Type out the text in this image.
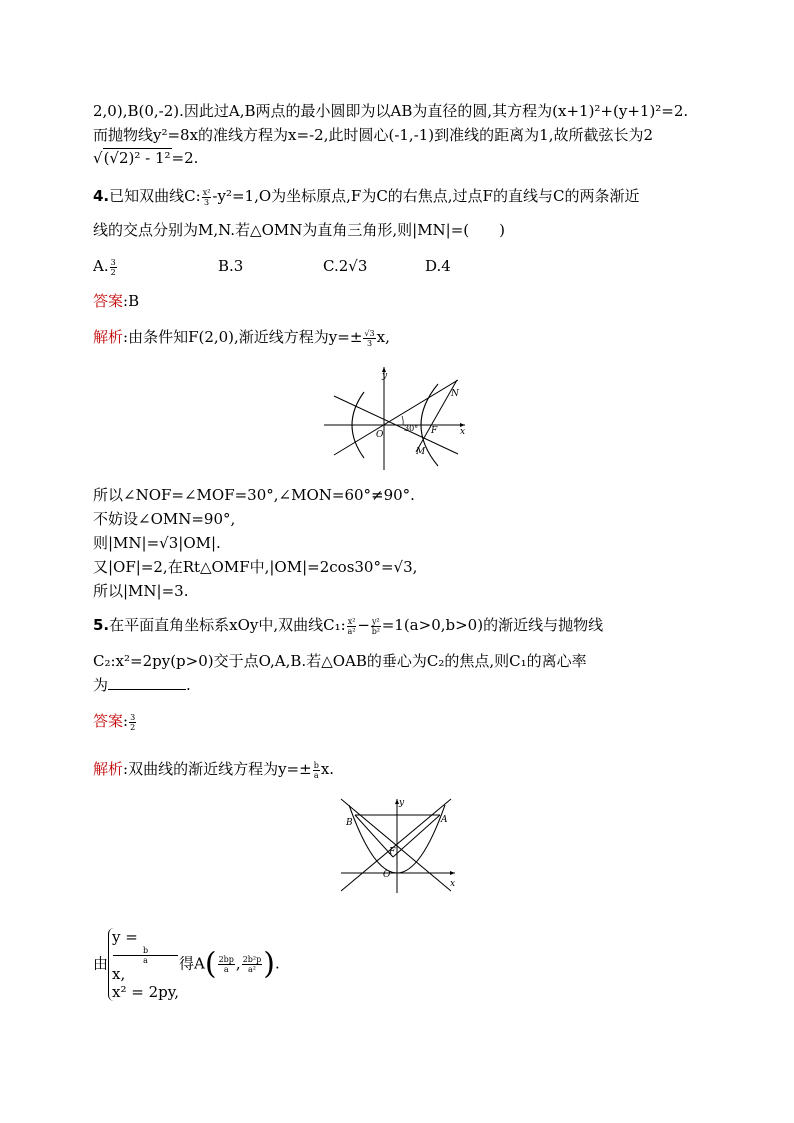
2,0),B(0,-2).因此过A,B两点的最小圆即为以AB为直径的圆,其方程为(x+1)²+(y+1)²=2.
而抛物线y²=8x的准线方程为x=-2,此时圆心(-1,-1)到准线的距离为1,故所截弦长为2
√(√2)² - 1²=2.
4.已知双曲线C: $\frac{\text{x²}}{3} -y^2=1,O$为坐标原点,F为C的右焦点,过点F的直线与C的两条渐近
线的交点分别为M,N.若△OMN为直角三角形,则|MN|=(　　)
A. $\frac{3}{2}$	B.3	C.2√3	D.4
答案:B
解析:由条件知F(2,0),渐近线方程为$y=\pm \frac{√3}{3} x$,
y
x
O	F
N
M
30°
所以∠NOF=∠MOF=30°,∠MON=60°≠90°.
不妨设∠OMN=90°,
则|MN|=√3|OM|.
又|OF|=2,在Rt△OMF中,|OM|=2cos30°=√3,
所以|MN|=3.
5.在平面直角坐标系xOy中,双曲线C₁: $\frac{\text{x²}}{\text{a²}} - \frac{\text{y²}}{\text{b²}} =1(a>0,b>0)$的渐近线与抛物线
C₂:x²=2py(p>0)交于点O,A,B.若△OAB的垂心为C₂的焦点,则C₁的离心率
为	.
答案: $\frac{3}{2}$
解析:双曲线的渐近线方程为$y=\pm \frac{b}{a} x$.
y
x
O
F
A
B
由
y =
b
a
x,
x² = 2py,
得$A( \frac{2bp}{a}$ , $\frac{\text{2b²p}}{\text{a²}}$ ).
